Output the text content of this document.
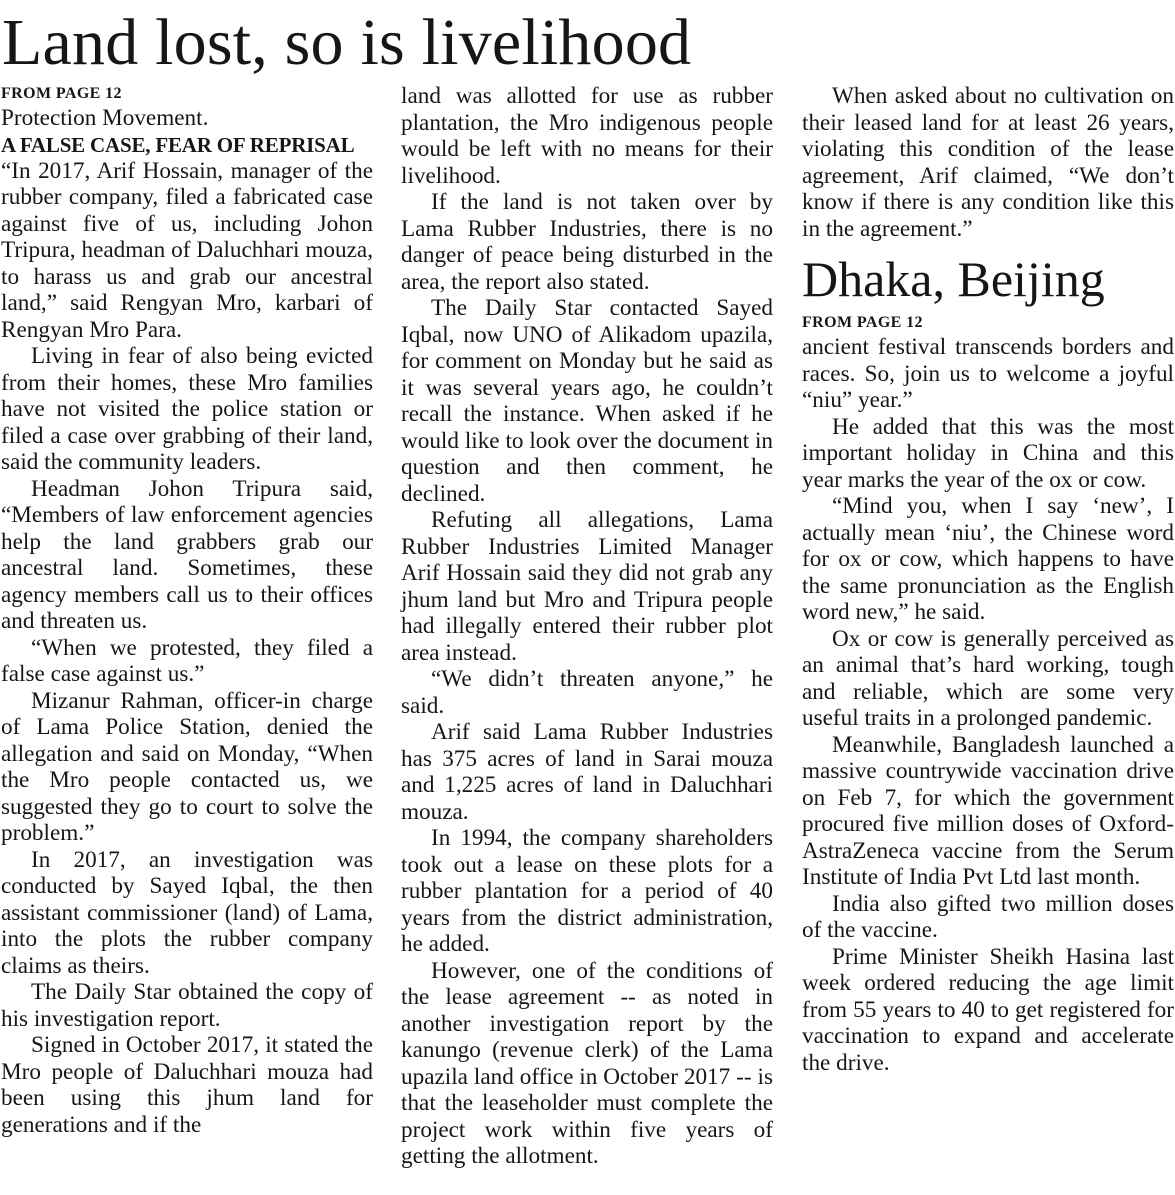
Land lost, so is livelihood
FROM PAGE 12

Protection Movement.

A FALSE CASE, FEAR OF REPRISAL

“In 2017, Arif Hossain, manager of the rubber company, filed a fabricated case against five of us, including Johon Tripura, headman of Daluchhari mouza, to harass us and grab our ancestral land,” said Rengyan Mro, karbari of Rengyan Mro Para.

Living in fear of also being evicted from their homes, these Mro families have not visited the police station or filed a case over grabbing of their land, said the community leaders.

Headman Johon Tripura said, “Members of law enforcement agencies help the land grabbers grab our ancestral land. Sometimes, these agency members call us to their offices and threaten us.

“When we protested, they filed a false case against us.”

Mizanur Rahman, officer-in charge of Lama Police Station, denied the allegation and said on Monday, “When the Mro people contacted us, we suggested they go to court to solve the problem.”

In 2017, an investigation was conducted by Sayed Iqbal, the then assistant commissioner (land) of Lama, into the plots the rubber company claims as theirs.

The Daily Star obtained the copy of his investigation report.

Signed in October 2017, it stated the Mro people of Daluchhari mouza had been using this jhum land for generations and if the

land was allotted for use as rubber plantation, the Mro indigenous people would be left with no means for their livelihood.

If the land is not taken over by Lama Rubber Industries, there is no danger of peace being disturbed in the area, the report also stated.

The Daily Star contacted Sayed Iqbal, now UNO of Alikadom upazila, for comment on Monday but he said as it was several years ago, he couldn’t recall the instance. When asked if he would like to look over the document in question and then comment, he declined.

Refuting all allegations, Lama Rubber Industries Limited Manager Arif Hossain said they did not grab any jhum land but Mro and Tripura people had illegally entered their rubber plot area instead.

“We didn’t threaten anyone,” he said.

Arif said Lama Rubber Industries has 375 acres of land in Sarai mouza and 1,225 acres of land in Daluchhari mouza.

In 1994, the company shareholders took out a lease on these plots for a rubber plantation for a period of 40 years from the district administration, he added.

However, one of the conditions of the lease agreement -- as noted in another investigation report by the kanungo (revenue clerk) of the Lama upazila land office in October 2017 -- is that the leaseholder must complete the project work within five years of getting the allotment.

When asked about no cultivation on their leased land for at least 26 years, violating this condition of the lease agreement, Arif claimed, “We don’t know if there is any condition like this in the agreement.”

Dhaka, Beijing
FROM PAGE 12

ancient festival transcends borders and races. So, join us to welcome a joyful “niu” year.”

He added that this was the most important holiday in China and this year marks the year of the ox or cow.

“Mind you, when I say ‘new’, I actually mean ‘niu’, the Chinese word for ox or cow, which happens to have the same pronunciation as the English word new,” he said.

Ox or cow is generally perceived as an animal that’s hard working, tough and reliable, which are some very useful traits in a prolonged pandemic.

Meanwhile, Bangladesh launched a massive countrywide vaccination drive on Feb 7, for which the government procured five million doses of Oxford-AstraZeneca vaccine from the Serum Institute of India Pvt Ltd last month.

India also gifted two million doses of the vaccine.

Prime Minister Sheikh Hasina last week ordered reducing the age limit from 55 years to 40 to get registered for vaccination to expand and accelerate the drive.
